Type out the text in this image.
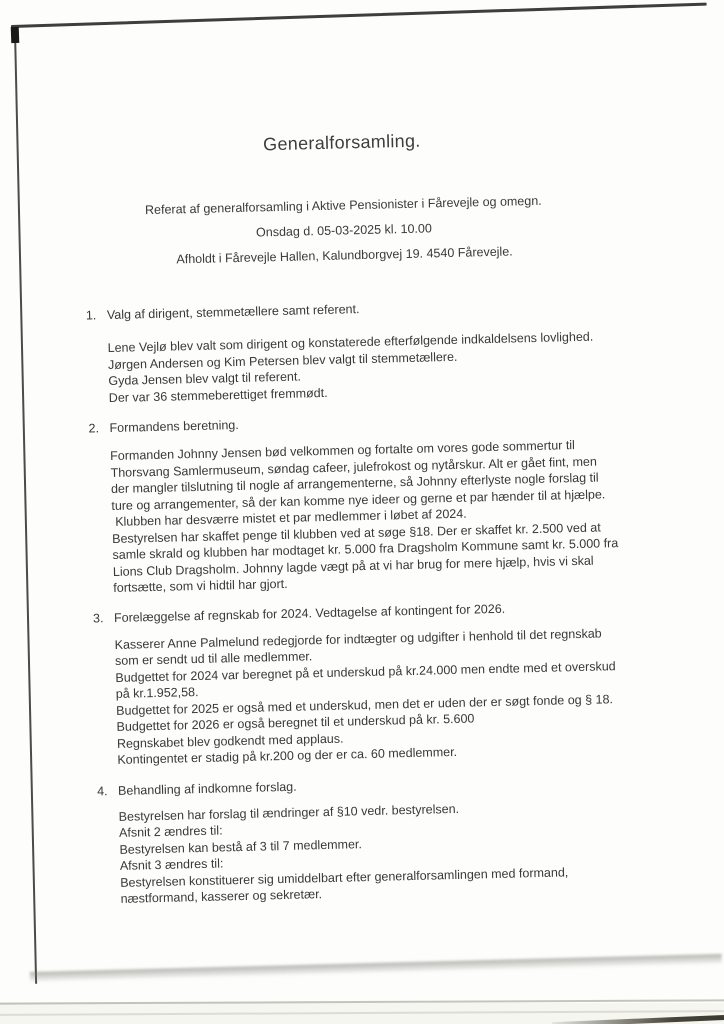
Generalforsamling.

Referat af generalforsamling i Aktive Pensionister i Fårevejle og omegn.

Onsdag d. 05-03-2025 kl. 10.00

Afholdt i Fårevejle Hallen, Kalundborgvej 19. 4540 Fårevejle.

1. Valg af dirigent, stemmetællere samt referent.

Lene Vejlø blev valt som dirigent og konstaterede efterfølgende indkaldelsens lovlighed.
Jørgen Andersen og Kim Petersen blev valgt til stemmetællere.
Gyda Jensen blev valgt til referent.
Der var 36 stemmeberettiget fremmødt.

2. Formandens beretning.

Formanden Johnny Jensen bød velkommen og fortalte om vores gode sommertur til
Thorsvang Samlermuseum, søndag cafeer, julefrokost og nytårskur. Alt er gået fint, men
der mangler tilslutning til nogle af arrangementerne, så Johnny efterlyste nogle forslag til
ture og arrangementer, så der kan komme nye ideer og gerne et par hænder til at hjælpe.
Klubben har desværre mistet et par medlemmer i løbet af 2024.
Bestyrelsen har skaffet penge til klubben ved at søge §18. Der er skaffet kr. 2.500 ved at
samle skrald og klubben har modtaget kr. 5.000 fra Dragsholm Kommune samt kr. 5.000 fra
Lions Club Dragsholm. Johnny lagde vægt på at vi har brug for mere hjælp, hvis vi skal
fortsætte, som vi hidtil har gjort.

3. Forelæggelse af regnskab for 2024. Vedtagelse af kontingent for 2026.

Kasserer Anne Palmelund redegjorde for indtægter og udgifter i henhold til det regnskab
som er sendt ud til alle medlemmer.
Budgettet for 2024 var beregnet på et underskud på kr.24.000 men endte med et overskud
på kr.1.952,58.
Budgettet for 2025 er også med et underskud, men det er uden der er søgt fonde og § 18.
Budgettet for 2026 er også beregnet til et underskud på kr. 5.600
Regnskabet blev godkendt med applaus.
Kontingentet er stadig på kr.200 og der er ca. 60 medlemmer.

4. Behandling af indkomne forslag.

Bestyrelsen har forslag til ændringer af §10 vedr. bestyrelsen.
Afsnit 2 ændres til:
Bestyrelsen kan bestå af 3 til 7 medlemmer.
Afsnit 3 ændres til:
Bestyrelsen konstituerer sig umiddelbart efter generalforsamlingen med formand,
næstformand, kasserer og sekretær.
